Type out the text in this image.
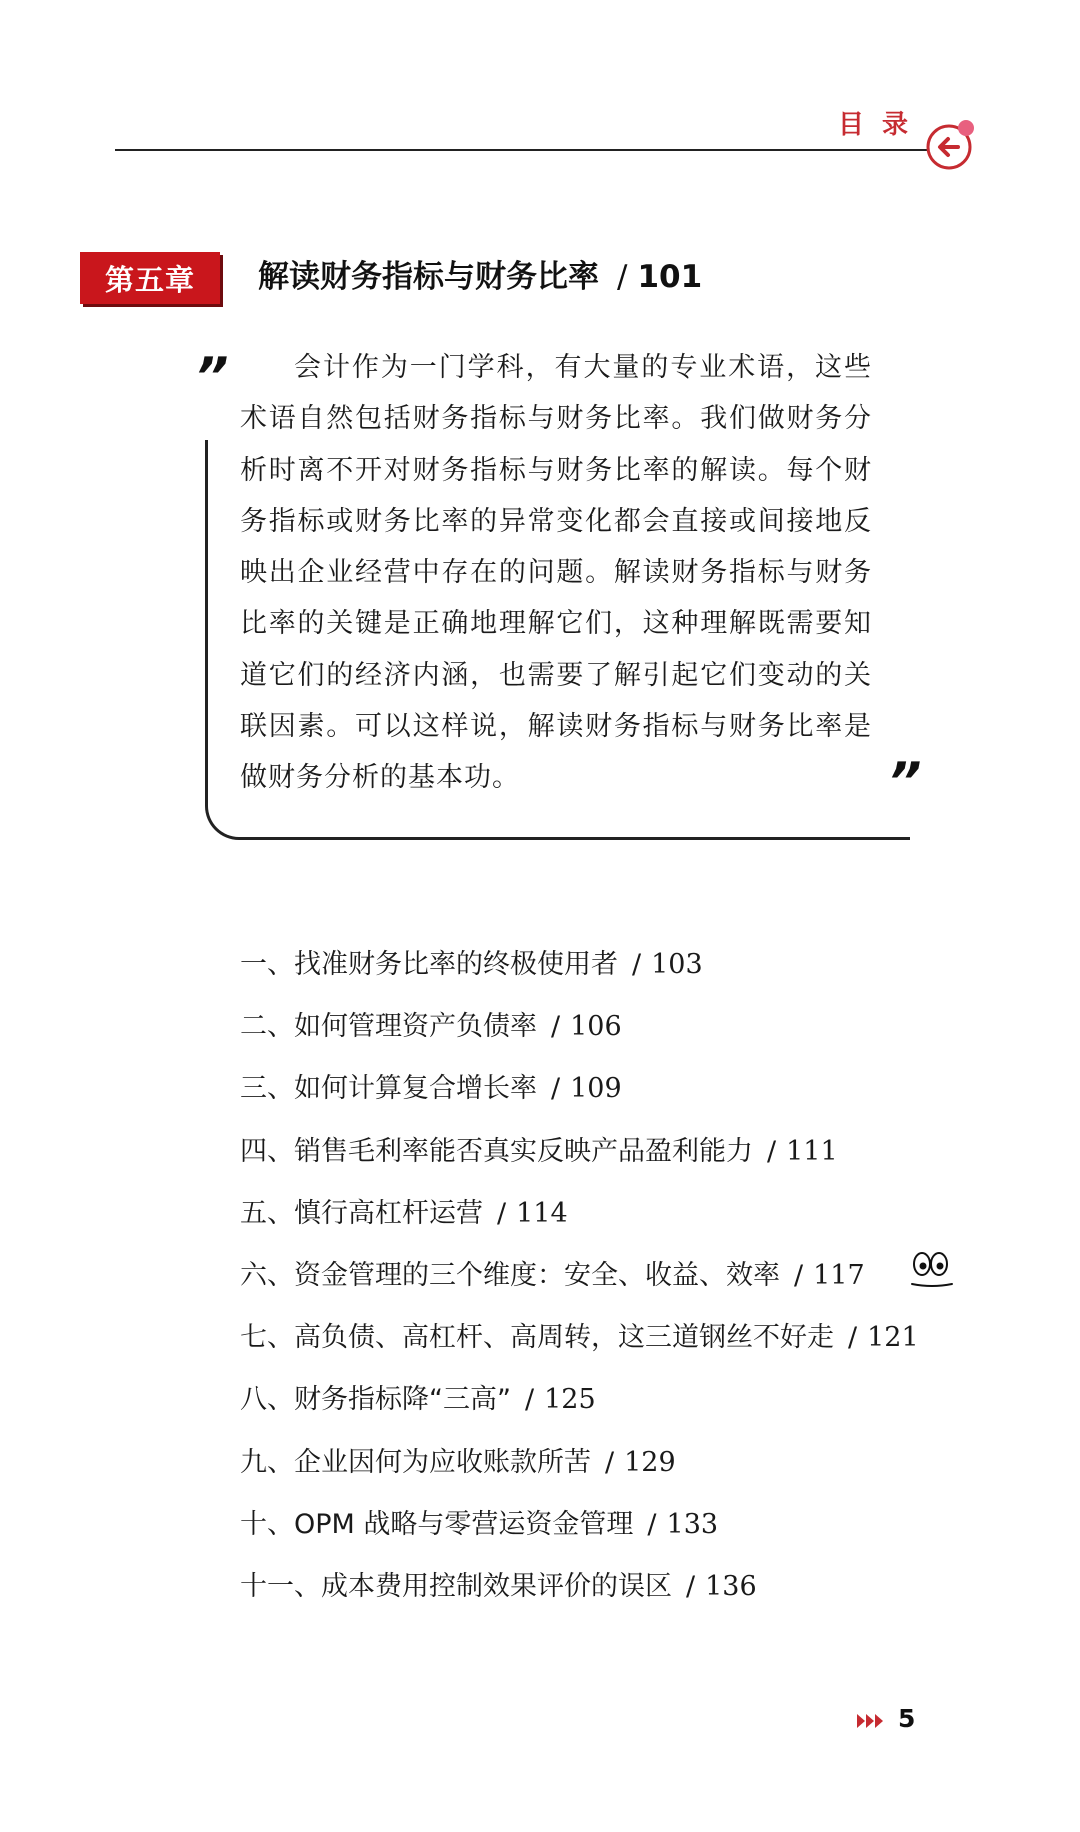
目录
第五章	解读财务指标与财务比率 / 101
”	会计作为一门学科，有大量的专业术语，这些术语自然包括财务指标与财务比率。我们做财务分析时离不开对财务指标与财务比率的解读。每个财务指标或财务比率的异常变化都会直接或间接地反映出企业经营中存在的问题。解读财务指标与财务比率的关键是正确地理解它们，这种理解既需要知道它们的经济内涵，也需要了解引起它们变动的关联因素。可以这样说，解读财务指标与财务比率是做财务分析的基本功。	”
一、找准财务比率的终极使用者 / 103
二、如何管理资产负债率 / 106
三、如何计算复合增长率 / 109
四、销售毛利率能否真实反映产品盈利能力 / 111
五、慎行高杠杆运营 / 114
六、资金管理的三个维度：安全、收益、效率 / 117
七、高负债、高杠杆、高周转，这三道钢丝不好走 / 121
八、财务指标降“三高” / 125
九、企业因何为应收账款所苦 / 129
十、OPM 战略与零营运资金管理 / 133
十一、成本费用控制效果评价的误区 / 136
5
